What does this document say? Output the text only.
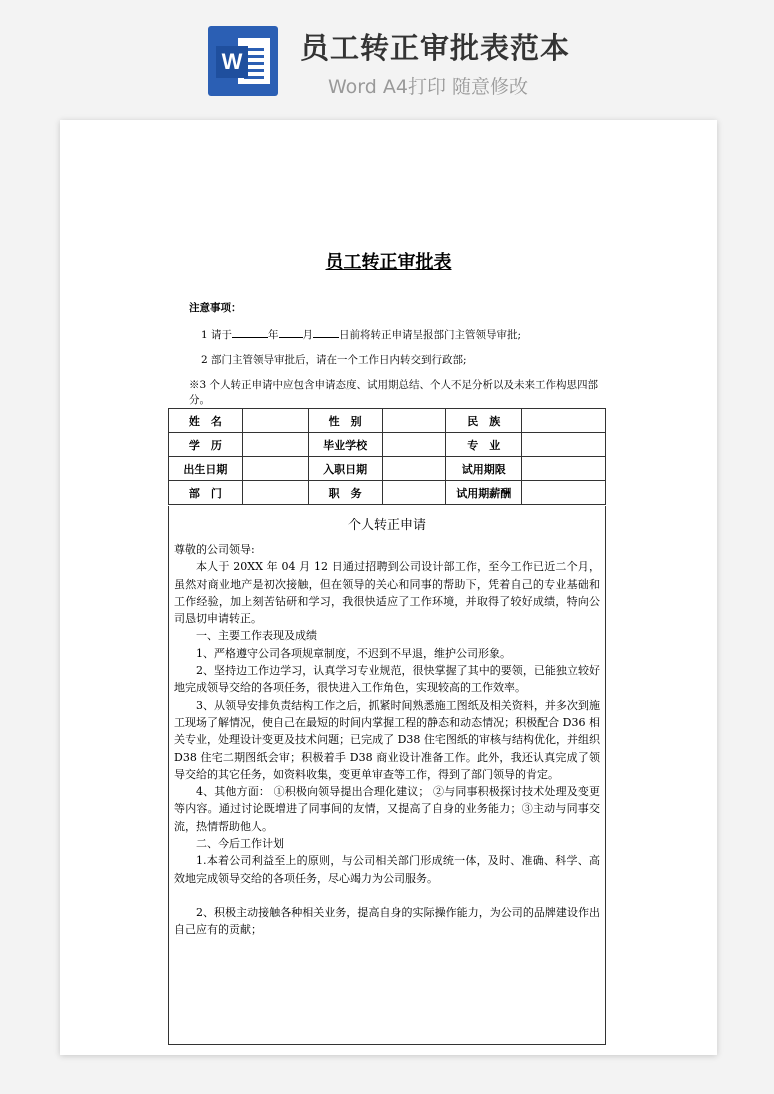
W 员工转正审批表范本
Word A4打印 随意修改
员工转正审批表
注意事项：
1 请于	年 月 日前将转正申请呈报部门主管领导审批;
2 部门主管领导审批后，请在一个工作日内转交到行政部;
※3 个人转正申请中应包含申请态度、试用期总结、个人不足分析以及未来工作构思四部分。
姓　名		性　别		民　族	
学　历		毕业学校		专　业	
出生日期		入职日期		试用期限	
部　门		职　务		试用期薪酬	
个人转正申请

尊敬的公司领导:

本人于 20XX 年 04 月 12 日通过招聘到公司设计部工作，至今工作已近二个月，虽然对商业地产是初次接触，但在领导的关心和同事的帮助下，凭着自己的专业基础和工作经验，加上刻苦钻研和学习，我很快适应了工作环境，并取得了较好成绩，特向公司恳切申请转正。

一、主要工作表现及成绩

1、严格遵守公司各项规章制度，不迟到不早退，维护公司形象。

2、坚持边工作边学习，认真学习专业规范，很快掌握了其中的要领，已能独立较好地完成领导交给的各项任务，很快进入工作角色，实现较高的工作效率。

3、从领导安排负责结构工作之后，抓紧时间熟悉施工图纸及相关资料，并多次到施工现场了解情况，使自己在最短的时间内掌握工程的静态和动态情况；积极配合 D36 相关专业，处理设计变更及技术问题；已完成了 D38 住宅图纸的审核与结构优化，并组织 D38 住宅二期图纸会审；积极着手 D38 商业设计准备工作。此外，我还认真完成了领导交给的其它任务，如资料收集，变更单审查等工作，得到了部门领导的肯定。

4、其他方面： ①积极向领导提出合理化建议； ②与同事积极探讨技术处理及变更等内容。通过讨论既增进了同事间的友情，又提高了自身的业务能力；③主动与同事交流，热情帮助他人。

二、今后工作计划

1.本着公司利益至上的原则，与公司相关部门形成统一体，及时、准确、科学、高效地完成领导交给的各项任务，尽心竭力为公司服务。

2、积极主动接触各种相关业务，提高自身的实际操作能力，为公司的品牌建设作出自己应有的贡献；
